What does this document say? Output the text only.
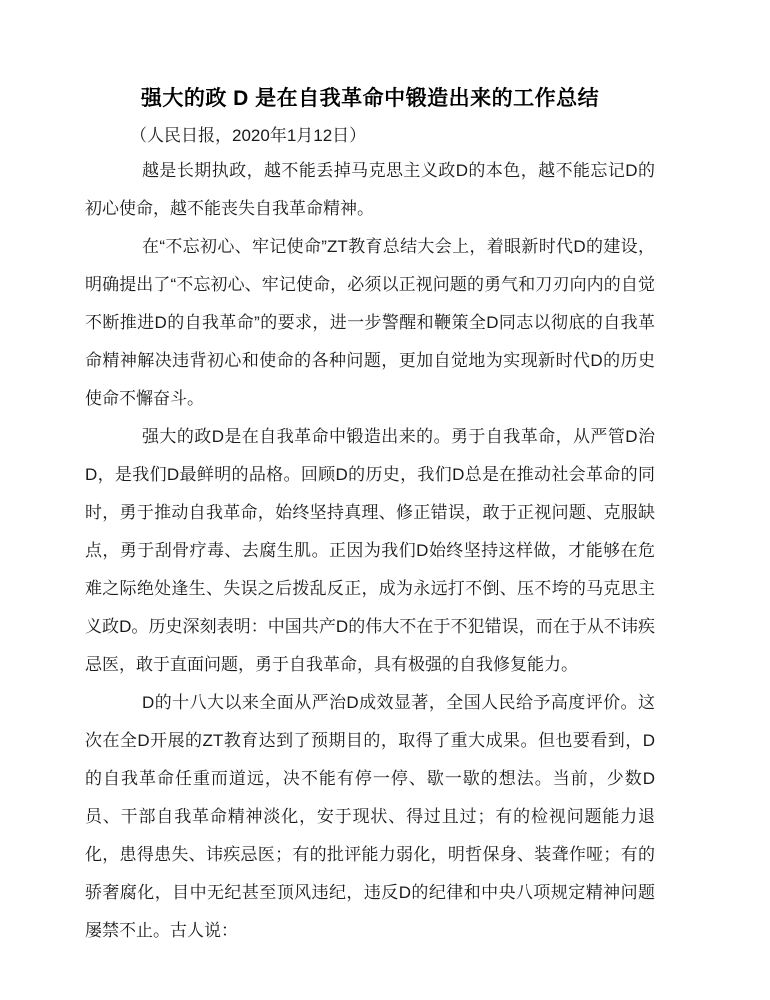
强大的政 D 是在自我革命中锻造出来的工作总结

（人民日报，2020年1月12日）

越是长期执政，越不能丢掉马克思主义政D的本色，越不能忘记D的初心使命，越不能丧失自我革命精神。

在“不忘初心、牢记使命”ZT教育总结大会上，着眼新时代D的建设，明确提出了“不忘初心、牢记使命，必须以正视问题的勇气和刀刃向内的自觉不断推进D的自我革命”的要求，进一步警醒和鞭策全D同志以彻底的自我革命精神解决违背初心和使命的各种问题，更加自觉地为实现新时代D的历史使命不懈奋斗。

强大的政D是在自我革命中锻造出来的。勇于自我革命，从严管D治D，是我们D最鲜明的品格。回顾D的历史，我们D总是在推动社会革命的同时，勇于推动自我革命，始终坚持真理、修正错误，敢于正视问题、克服缺点，勇于刮骨疗毒、去腐生肌。正因为我们D始终坚持这样做，才能够在危难之际绝处逢生、失误之后拨乱反正，成为永远打不倒、压不垮的马克思主义政D。历史深刻表明：中国共产D的伟大不在于不犯错误，而在于从不讳疾忌医，敢于直面问题，勇于自我革命，具有极强的自我修复能力。

D的十八大以来全面从严治D成效显著，全国人民给予高度评价。这次在全D开展的ZT教育达到了预期目的，取得了重大成果。但也要看到，D的自我革命任重而道远，决不能有停一停、歇一歇的想法。当前，少数D员、干部自我革命精神淡化，安于现状、得过且过；有的检视问题能力退化，患得患失、讳疾忌医；有的批评能力弱化，明哲保身、装聋作哑；有的骄奢腐化，目中无纪甚至顶风违纪，违反D的纪律和中央八项规定精神问题屡禁不止。古人说：
